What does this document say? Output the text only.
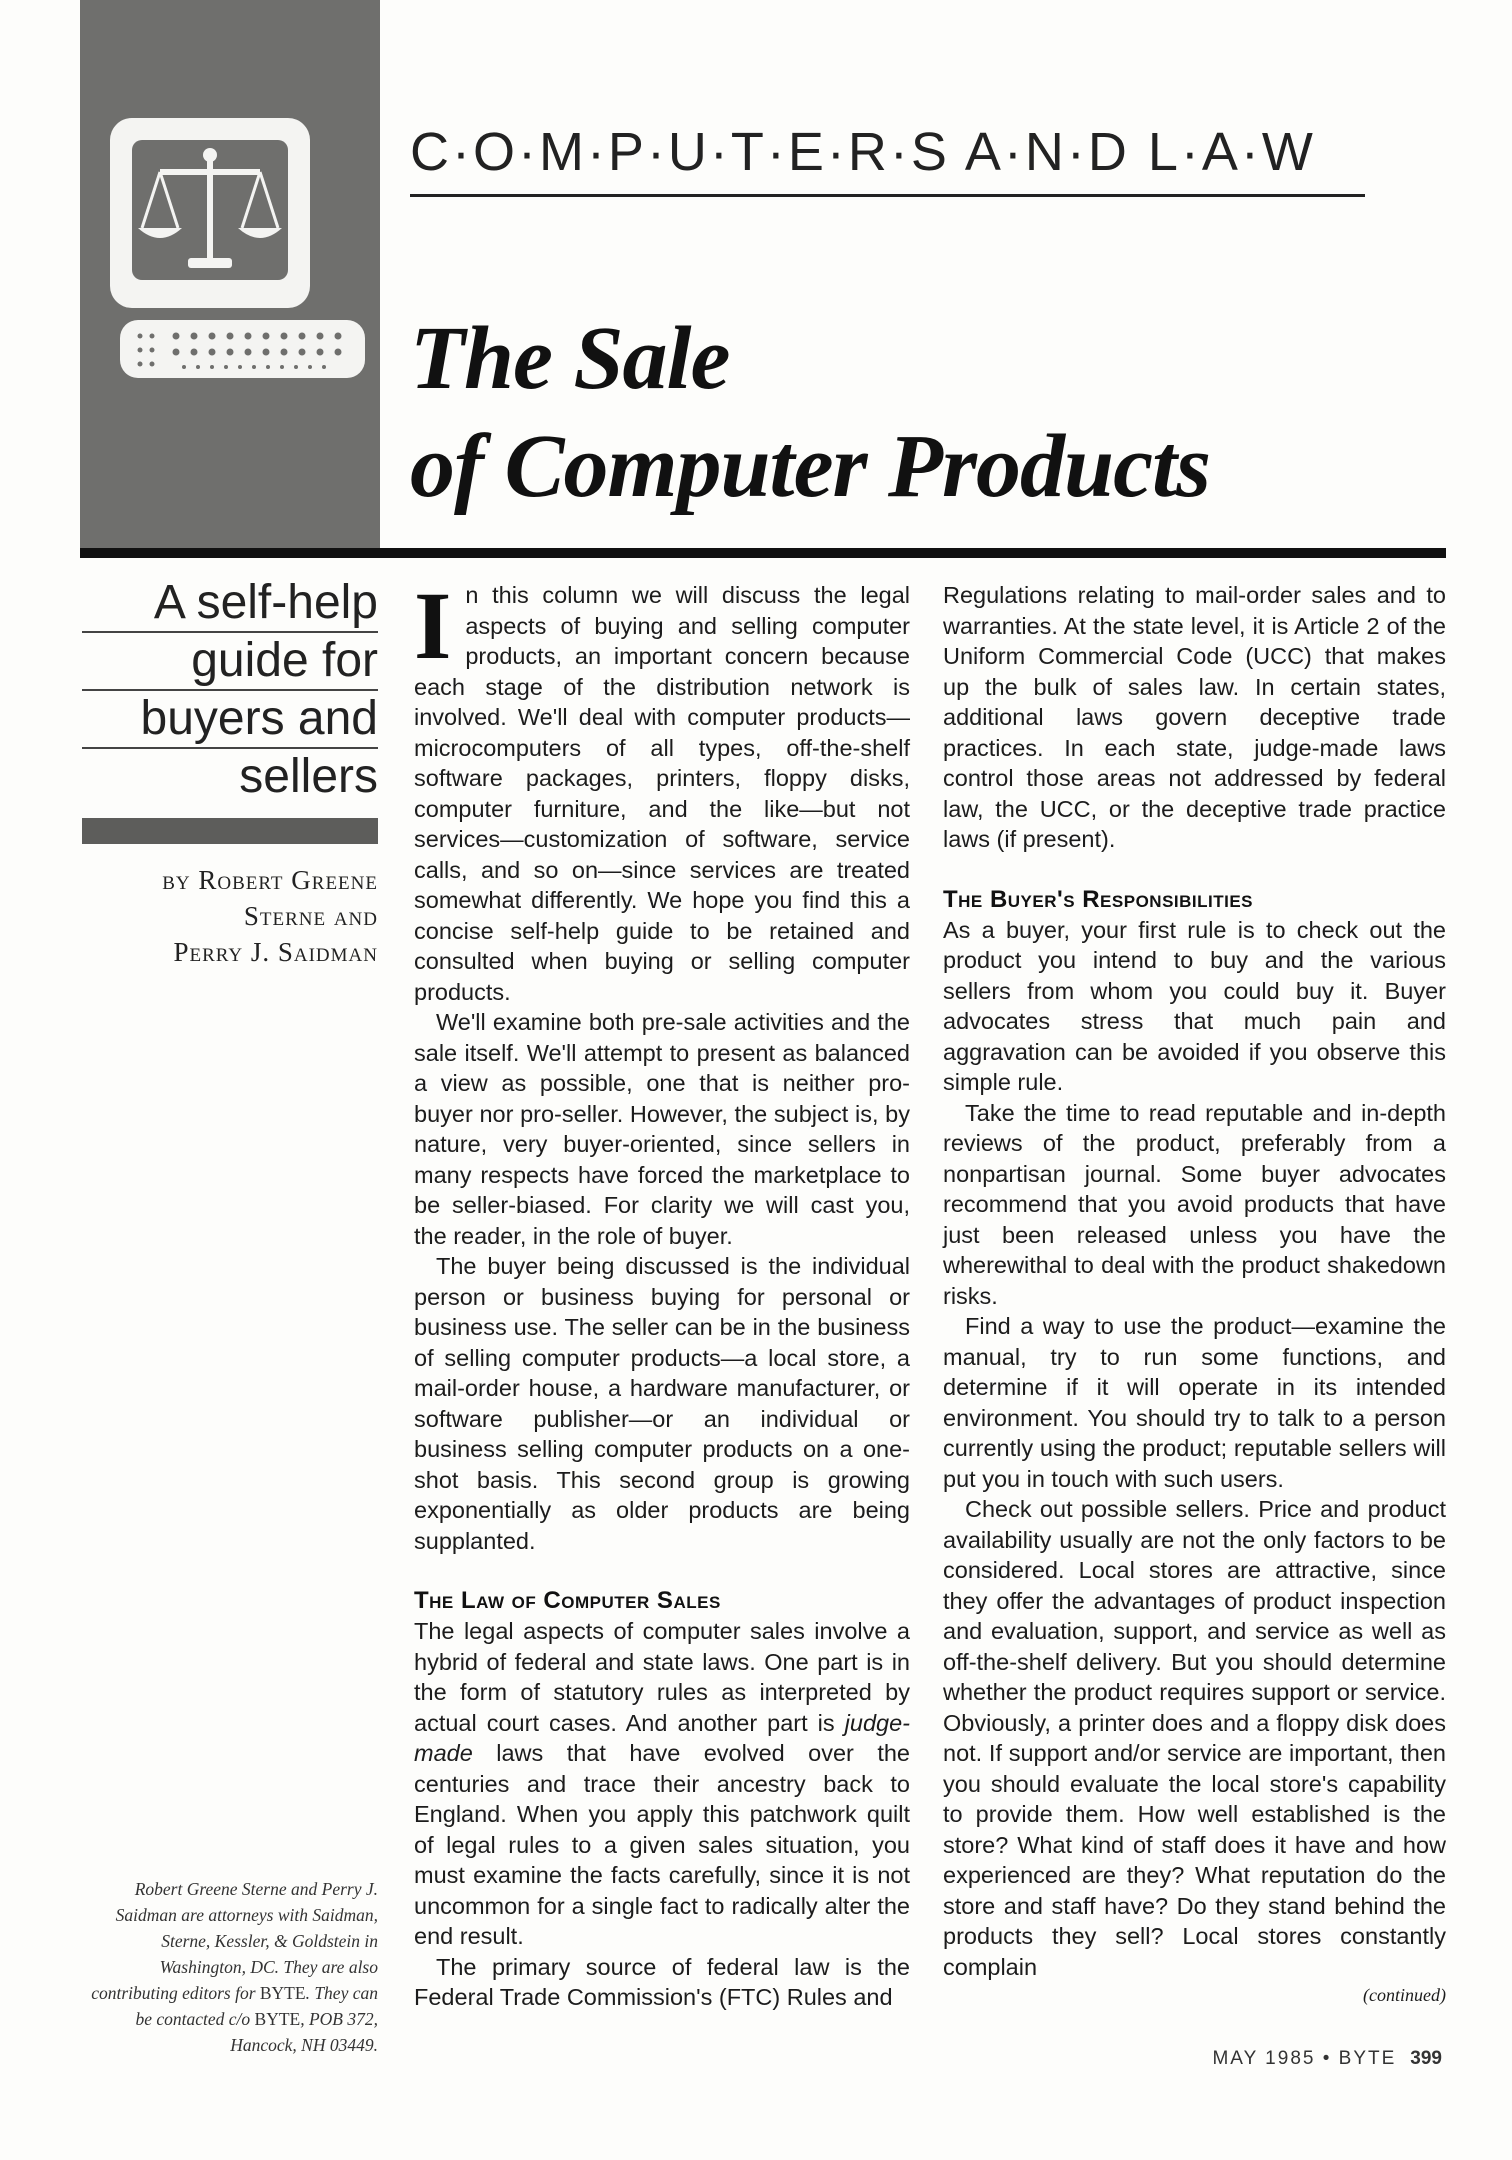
C·O·M·P·U·T·E·R·S A·N·D L·A·W
The Sale
of Computer Products
A self-help
guide for
buyers and
sellers
by Robert Greene
Sterne and
Perry J. Saidman
Robert Greene Sterne and Perry J. Saidman are attorneys with Saidman, Sterne, Kessler, & Goldstein in Washington, DC. They are also contributing editors for BYTE. They can be contacted c/o BYTE, POB 372, Hancock, NH 03449.

In this column we will discuss the legal aspects of buying and selling computer products, an important concern because each stage of the distribution network is involved. We'll deal with computer products—microcomputers of all types, off-the-shelf software packages, printers, floppy disks, computer furniture, and the like—but not services—customization of software, service calls, and so on—since services are treated somewhat differently. We hope you find this a concise self-help guide to be retained and consulted when buying or selling computer products.

We'll examine both pre-sale activities and the sale itself. We'll attempt to present as balanced a view as possible, one that is neither pro-buyer nor pro-seller. However, the subject is, by nature, very buyer-oriented, since sellers in many respects have forced the marketplace to be seller-biased. For clarity we will cast you, the reader, in the role of buyer.

The buyer being discussed is the individual person or business buying for personal or business use. The seller can be in the business of selling computer products—a local store, a mail-order house, a hardware manufacturer, or software publisher—or an individual or business selling computer products on a one-shot basis. This second group is growing exponentially as older products are being supplanted.

The Law of Computer Sales

The legal aspects of computer sales involve a hybrid of federal and state laws. One part is in the form of statutory rules as interpreted by actual court cases. And another part is judge-made laws that have evolved over the centuries and trace their ancestry back to England. When you apply this patchwork quilt of legal rules to a given sales situation, you must examine the facts carefully, since it is not uncommon for a single fact to radically alter the end result.

The primary source of federal law is the Federal Trade Commission's (FTC) Rules and

Regulations relating to mail-order sales and to warranties. At the state level, it is Article 2 of the Uniform Commercial Code (UCC) that makes up the bulk of sales law. In certain states, additional laws govern deceptive trade practices. In each state, judge-made laws control those areas not addressed by federal law, the UCC, or the deceptive trade practice laws (if present).

The Buyer's Responsibilities

As a buyer, your first rule is to check out the product you intend to buy and the various sellers from whom you could buy it. Buyer advocates stress that much pain and aggravation can be avoided if you observe this simple rule.

Take the time to read reputable and in-depth reviews of the product, preferably from a nonpartisan journal. Some buyer advocates recommend that you avoid products that have just been released unless you have the wherewithal to deal with the product shakedown risks.

Find a way to use the product—examine the manual, try to run some functions, and determine if it will operate in its intended environment. You should try to talk to a person currently using the product; reputable sellers will put you in touch with such users.

Check out possible sellers. Price and product availability usually are not the only factors to be considered. Local stores are attractive, since they offer the advantages of product inspection and evaluation, support, and service as well as off-the-shelf delivery. But you should determine whether the product requires support or service. Obviously, a printer does and a floppy disk does not. If support and/or service are important, then you should evaluate the local store's capability to provide them. How well established is the store? What kind of staff does it have and how experienced are they? What reputation do the store and staff have? Do they stand behind the products they sell? Local stores constantly complain

(continued)
MAY 1985 • BYTE 399
